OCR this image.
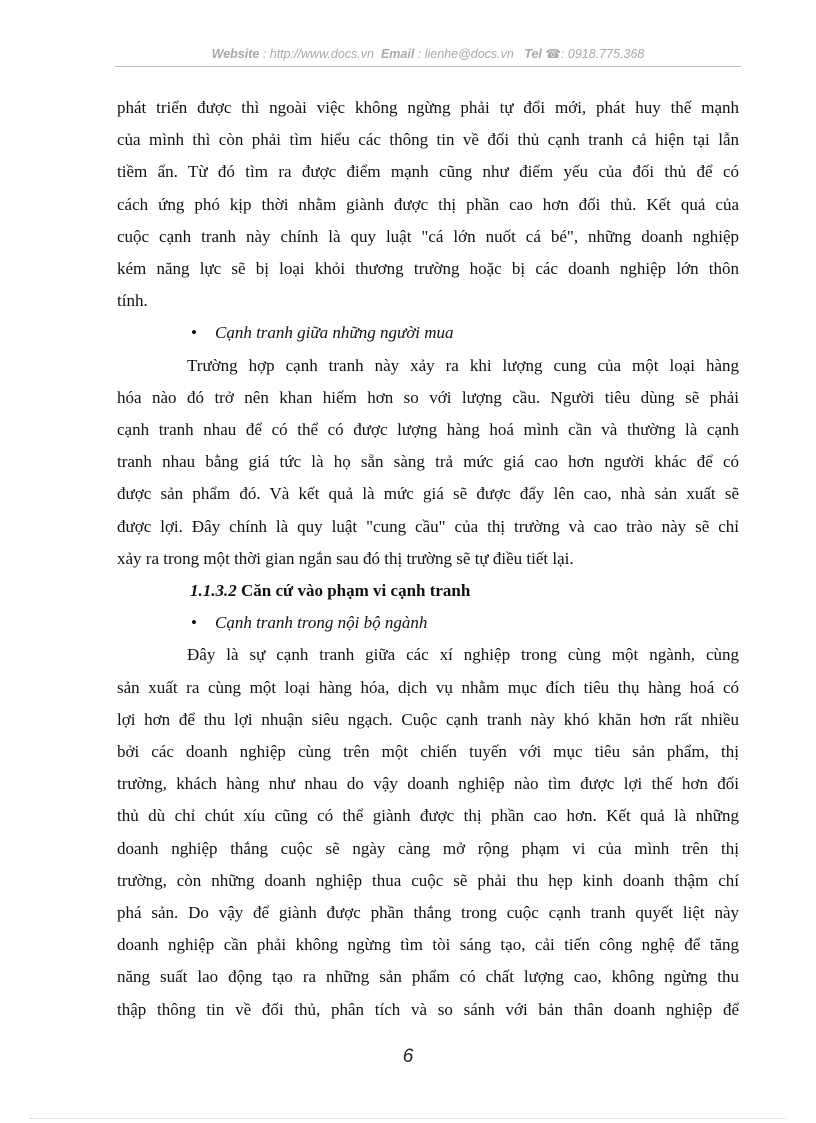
Website : http://www.docs.vn Email : lienhe@docs.vn Tel ☎: 0918.775.368
phát triển được thì ngoài việc không ngừng phải tự đổi mới, phát huy thế mạnh
của mình thì còn phải tìm hiểu các thông tin về đối thủ cạnh tranh cả hiện tại lẫn
tiềm ẩn. Từ đó tìm ra được điểm mạnh cũng như điểm yếu của đối thủ để có
cách ứng phó kịp thời nhằm giành được thị phần cao hơn đối thủ. Kết quả của
cuộc cạnh tranh này chính là quy luật "cá lớn nuốt cá bé", những doanh nghiệp
kém năng lực sẽ bị loại khỏi thương trường hoặc bị các doanh nghiệp lớn thôn
tính.
• Cạnh tranh giữa những người mua
Trường hợp cạnh tranh này xảy ra khi lượng cung của một loại hàng
hóa nào đó trở nên khan hiếm hơn so với lượng cầu. Người tiêu dùng sẽ phải
cạnh tranh nhau để có thể có được lượng hàng hoá mình cần và thường là cạnh
tranh nhau bằng giá tức là họ sẵn sàng trả mức giá cao hơn người khác để có
được sản phẩm đó. Và kết quả là mức giá sẽ được đẩy lên cao, nhà sản xuất sẽ
được lợi. Đây chính là quy luật "cung cầu" của thị trường và cao trào này sẽ chỉ
xảy ra trong một thời gian ngắn sau đó thị trường sẽ tự điều tiết lại.
1.1.3.2 Căn cứ vào phạm vi cạnh tranh
• Cạnh tranh trong nội bộ ngành
Đây là sự cạnh tranh giữa các xí nghiệp trong cùng một ngành, cùng
sản xuất ra cùng một loại hàng hóa, dịch vụ nhằm mục đích tiêu thụ hàng hoá có
lợi hơn để thu lợi nhuận siêu ngạch. Cuộc cạnh tranh này khó khăn hơn rất nhiều
bởi các doanh nghiệp cùng trên một chiến tuyến với mục tiêu sản phẩm, thị
trường, khách hàng như nhau do vậy doanh nghiệp nào tìm được lợi thế hơn đối
thủ dù chỉ chút xíu cũng có thể giành được thị phần cao hơn. Kết quả là những
doanh nghiệp thắng cuộc sẽ ngày càng mở rộng phạm vi của mình trên thị
trường, còn những doanh nghiệp thua cuộc sẽ phải thu hẹp kinh doanh thậm chí
phá sản. Do vậy để giành được phần thắng trong cuộc cạnh tranh quyết liệt này
doanh nghiệp cần phải không ngừng tìm tòi sáng tạo, cải tiến công nghệ để tăng
năng suất lao động tạo ra những sản phẩm có chất lượng cao, không ngừng thu
thập thông tin về đối thủ, phân tích và so sánh với bản thân doanh nghiệp để
6
